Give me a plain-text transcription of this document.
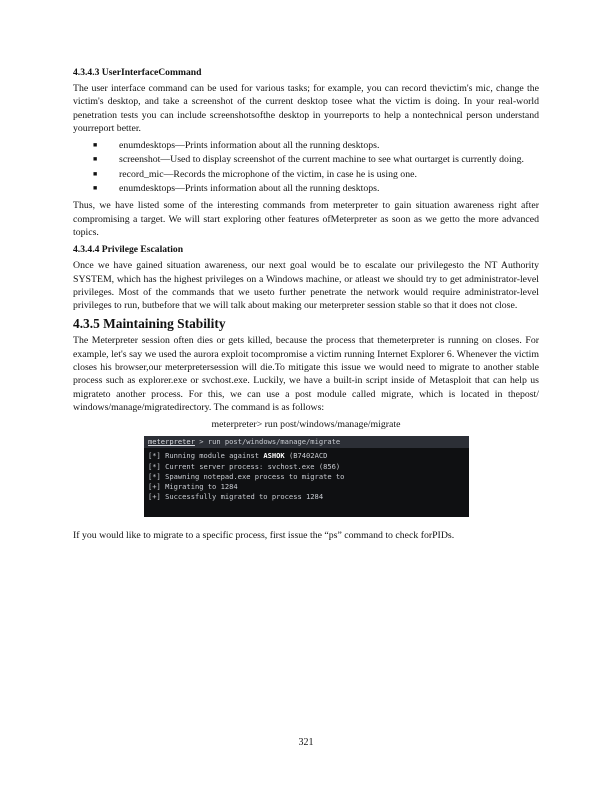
4.3.4.3 UserInterfaceCommand
The user interface command can be used for various tasks; for example, you can record thevictim's mic, change the victim's desktop, and take a screenshot of the current desktop tosee what the victim is doing. In your real-world penetration tests you can include screenshotsofthe desktop in yourreports to help a nontechnical person understand yourreport better.
■ enumdesktops—Prints information about all the running desktops.
■ screenshot—Used to display screenshot of the current machine to see what ourtarget is currently doing.
■ record_mic—Records the microphone of the victim, in case he is using one.
■ enumdesktops—Prints information about all the running desktops.
Thus, we have listed some of the interesting commands from meterpreter to gain situation awareness right after compromising a target. We will start exploring other features ofMeterpreter as soon as we getto the more advanced topics.
4.3.4.4 Privilege Escalation
Once we have gained situation awareness, our next goal would be to escalate our privilegesto the NT Authority SYSTEM, which has the highest privileges on a Windows machine, or atleast we should try to get administrator-level privileges. Most of the commands that we useto further penetrate the network would require administrator-level privileges to run, butbefore that we will talk about making our meterpreter session stable so that it does not close.
4.3.5 Maintaining Stability
The Meterpreter session often dies or gets killed, because the process that themeterpreter is running on closes. For example, let's say we used the aurora exploit tocompromise a victim running Internet Explorer 6. Whenever the victim closes his browser,our meterpretersession will die.To mitigate this issue we would need to migrate to another stable process such as explorer.exe or svchost.exe. Luckily, we have a built-in script inside of Metasploit that can help us migrateto another process. For this, we can use a post module called migrate, which is located in thepost/ windows/manage/migratedirectory. The command is as follows:
meterpreter> run post/windows/manage/migrate
meterpreter > run post/windows/manage/migrate
[*] Running module against ASHOK (B7402ACD
[*] Current server process: svchost.exe (856)
[*] Spawning notepad.exe process to migrate to
[+] Migrating to 1284
[+] Successfully migrated to process 1284
If you would like to migrate to a specific process, first issue the “ps” command to check forPIDs.
321
